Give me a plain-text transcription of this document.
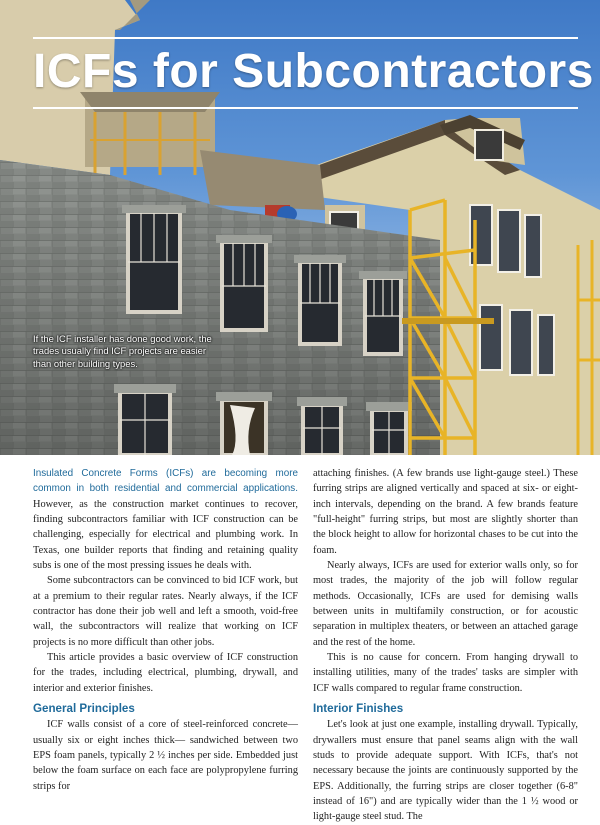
ICFs for Subcontractors
If the ICF installer has done good work, the trades usually find ICF projects are easier than other building types.

Insulated Concrete Forms (ICFs) are becoming more common in both residential and commercial applications. However, as the construction market continues to recover, finding subcontractors familiar with ICF construction can be challenging, especially for electrical and plumbing work. In Texas, one builder reports that finding and retaining quality subs is one of the most pressing issues he deals with.

Some subcontractors can be convinced to bid ICF work, but at a premium to their regular rates. Nearly always, if the ICF contractor has done their job well and left a smooth, void-free wall, the subcontractors will realize that working on ICF projects is no more difficult than other jobs.

This article provides a basic overview of ICF construction for the trades, including electrical, plumbing, drywall, and interior and exterior finishes.

General Principles

ICF walls consist of a core of steel-reinforced concrete—usually six or eight inches thick— sandwiched between two EPS foam panels, typically 2 ½ inches per side. Embedded just below the foam surface on each face are polypropylene furring strips for

attaching finishes. (A few brands use light-gauge steel.) These furring strips are aligned vertically and spaced at six- or eight-inch intervals, depending on the brand. A few brands feature "full-height" furring strips, but most are slightly shorter than the block height to allow for horizontal chases to be cut into the foam.

Nearly always, ICFs are used for exterior walls only, so for most trades, the majority of the job will follow regular methods. Occasionally, ICFs are used for demising walls between units in multifamily construction, or for acoustic separation in multiplex theaters, or between an attached garage and the rest of the home.

This is no cause for concern. From hanging drywall to installing utilities, many of the trades' tasks are simpler with ICF walls compared to regular frame construction.

Interior Finishes

Let's look at just one example, installing drywall. Typically, drywallers must ensure that panel seams align with the wall studs to provide adequate support. With ICFs, that's not necessary because the joints are continuously supported by the EPS. Additionally, the furring strips are closer together (6-8" instead of 16") and are typically wider than the 1 ½ wood or light-gauge steel stud. The
